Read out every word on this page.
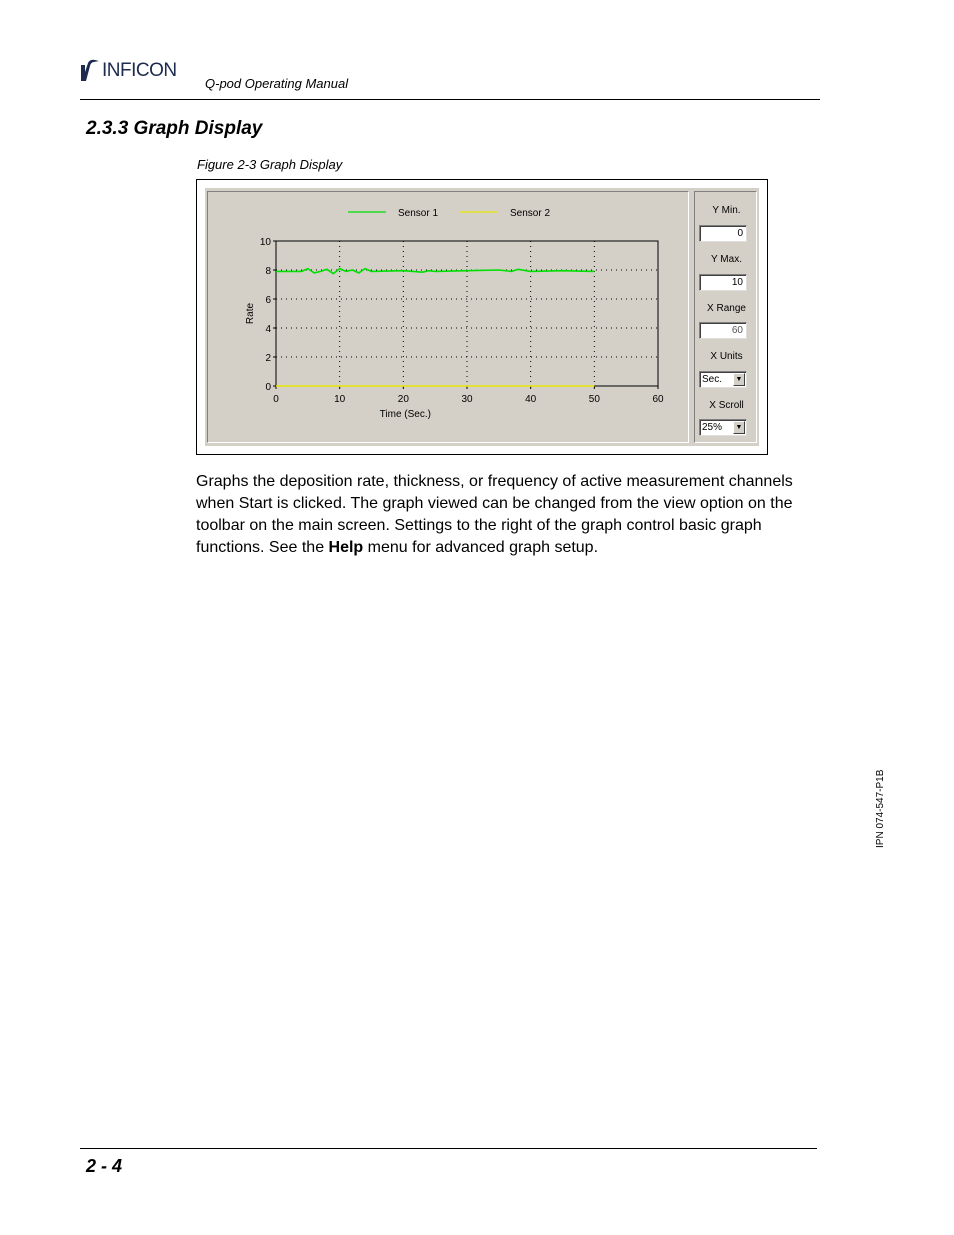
INFICON
Q-pod Operating Manual
2.3.3 Graph Display
Figure 2-3 Graph Display
0	10	20	30	40	50	60
0
2
4
6
8
10
Time (Sec.)
Rate
Sensor 1	Sensor 2	Y Min.
0
Y Max.
10
X Range
60
X Units
Sec.	▼
X Scroll
25%	▼
Graphs the deposition rate, thickness, or frequency of active measurement channels when Start is clicked. The graph viewed can be changed from the view option on the toolbar on the main screen. Settings to the right of the graph control basic graph functions. See the Help menu for advanced graph setup.
IPN 074-547-P1B
2 - 4
